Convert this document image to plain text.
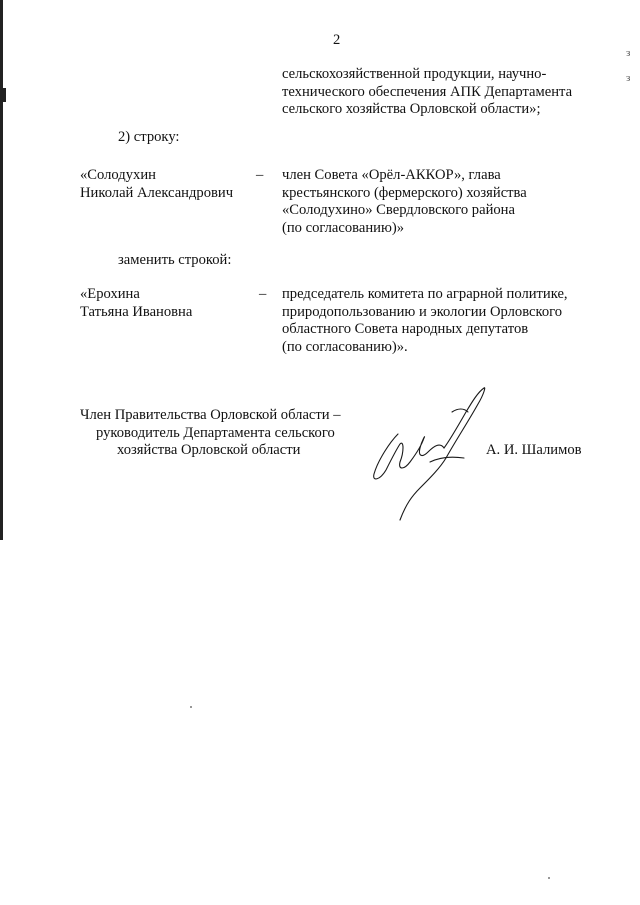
з
з
2
сельскохозяйственной продукции, научно-
технического обеспечения АПК Департамента
сельского хозяйства Орловской области»;
2) строку:
«Солодухин
Николай Александрович
– член Совета «Орёл-АККОР», глава
крестьянского (фермерского) хозяйства
«Солодухино» Свердловского района
(по согласованию)»
заменить строкой:
«Ерохина
Татьяна Ивановна
– председатель комитета по аграрной политике,
природопользованию и экологии Орловского
областного Совета народных депутатов
(по согласованию)».
Член Правительства Орловской области –
руководитель Департамента сельского
хозяйства Орловской области	А. И. Шалимов
